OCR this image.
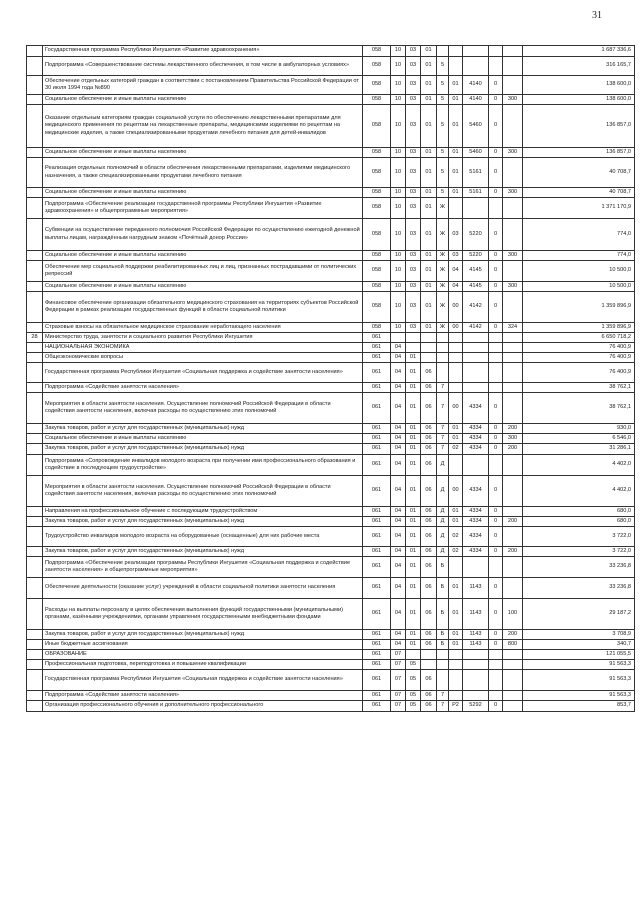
31
	Государственная программа Республики Ингушетия «Развитие здравоохранения»	058	10	03	01						1 687 336,6
	Подпрограмма «Совершенствование системы лекарственного обеспечения, в том числе в амбулаторных условиях»	058	10	03	01	5					316 165,7
	Обеспечение отдельных категорий граждан в соответствии с постановлением Правительства Российской Федерации от 30 июля 1994 года №890	058	10	03	01	5	01	4140	0		138 600,0
	Социальное обеспечение и иные выплаты населению	058	10	03	01	5	01	4140	0	300	138 600,0
	Оказание отдельным категориям граждан социальной услуги по обеспечению лекарственными препаратами для медицинского применения по рецептам на лекарственные препараты, медицинскими изделиями по рецептам на медицинские изделия, а также специализированными продуктами лечебного питания для детей-инвалидов	058	10	03	01	5	01	5460	0		136 857,0
	Социальное обеспечение и иные выплаты населению	058	10	03	01	5	01	5460	0	300	136 857,0
	Реализация отдельных полномочий в области обеспечения лекарственными препаратами, изделиями медицинского назначения, а также специализированными продуктами лечебного питания	058	10	03	01	5	01	5161	0		40 708,7
	Социальное обеспечение и иные выплаты населению	058	10	03	01	5	01	5161	0	300	40 708,7
	Подпрограмма «Обеспечение реализации государственной программы Республики Ингушетия «Развитие здравоохранения» и общепрограммные мероприятия»	058	10	03	01	Ж					1 371 170,9
	Субвенции на осуществление переданного полномочия Российской Федерации по осуществлению ежегодной денежной выплаты лицам, награждённым нагрудным знаком «Почётный донор России»	058	10	03	01	Ж	03	5220	0		774,0
	Социальное обеспечение и иные выплаты населению	058	10	03	01	Ж	03	5220	0	300	774,0
	Обеспечение мер социальной поддержки реабилитированных лиц и лиц, признанных пострадавшими от политических репрессий	058	10	03	01	Ж	04	4145	0		10 500,0
	Социальное обеспечение и иные выплаты населению	058	10	03	01	Ж	04	4145	0	300	10 500,0
	Финансовое обеспечение организации обязательного медицинского страхования на территориях субъектов Российской Федерации в рамках реализации государственных функций в области социальной политики	058	10	03	01	Ж	00	4142	0		1 359 896,9
	Страховые взносы на обязательное медицинское страхование неработающего населения	058	10	03	01	Ж	00	4142	0	324	1 359 896,9
28	Министерство труда, занятости и социального развития Республики Ингушетия	061									6 650 718,2
	НАЦИОНАЛЬНАЯ ЭКОНОМИКА	061	04								76 400,9
	Общеэкономические вопросы	061	04	01							76 400,9
	Государственная программа Республики Ингушетия «Социальная поддержка и содействие занятости населения»	061	04	01	06						76 400,9
	Подпрограмма «Содействие занятости населения»	061	04	01	06	7					38 762,1
	Мероприятия в области занятости населения. Осуществление полномочий Российской Федерации в области содействия занятости населения, включая расходы по осуществлению этих полномочий	061	04	01	06	7	00	4334	0		38 762,1
	Закупка товаров, работ и услуг для государственных (муниципальных) нужд	061	04	01	06	7	01	4334	0	200	930,0
	Социальное обеспечение и иные выплаты населению	061	04	01	06	7	01	4334	0	300	6 546,0
	Закупка товаров, работ и услуг для государственных (муниципальных) нужд	061	04	01	06	7	02	4334	0	200	31 286,1
	Подпрограмма «Сопровождение инвалидов молодого возраста при получении ими профессионального образования и содействие в последующем трудоустройстве»	061	04	01	06	Д					4 402,0
	Мероприятия в области занятости населения. Осуществление полномочий Российской Федерации в области содействия занятости населения, включая расходы по осуществлению этих полномочий	061	04	01	06	Д	00	4334	0		4 402,0
	Направления на профессиональное обучение с последующим трудоустройством	061	04	01	06	Д	01	4334	0		680,0
	Закупка товаров, работ и услуг для государственных (муниципальных) нужд	061	04	01	06	Д	01	4334	0	200	680,0
	Трудоустройство инвалидов молодого возраста на оборудованные (оснащенные) для них рабочие места	061	04	01	06	Д	02	4334	0		3 722,0
	Закупка товаров, работ и услуг для государственных (муниципальных) нужд	061	04	01	06	Д	02	4334	0	200	3 722,0
	Подпрограмма «Обеспечение реализации программы Республики Ингушетия «Социальная поддержка и содействие занятости населения» и общепрограммные мероприятия»	061	04	01	06	Б					33 236,8
	Обеспечение деятельности (оказание услуг) учреждений в области социальной политики занятости населения	061	04	01	06	Б	01	1143	0		33 236,8
	Расходы на выплаты персоналу в целях обеспечения выполнения функций государственными (муниципальными) органами, казёнными учреждениями, органами управления государственными внебюджетными фондами	061	04	01	06	Б	01	1143	0	100	29 187,2
	Закупка товаров, работ и услуг для государственных (муниципальных) нужд	061	04	01	06	Б	01	1143	0	200	3 708,9
	Иные бюджетные ассигнования	061	04	01	06	Б	01	1143	0	800	340,7
	ОБРАЗОВАНИЕ	061	07								121 055,5
	Профессиональная подготовка, переподготовка и повышение квалификации	061	07	05							91 563,3
	Государственная программа Республики Ингушетия «Социальная поддержка и содействие занятости населения»	061	07	05	06						91 563,3
	Подпрограмма «Содействие занятости населения»	061	07	05	06	7					91 563,3
	Организация профессионального обучения и дополнительного профессионального	061	07	05	06	7	P2	5292	0		853,7
